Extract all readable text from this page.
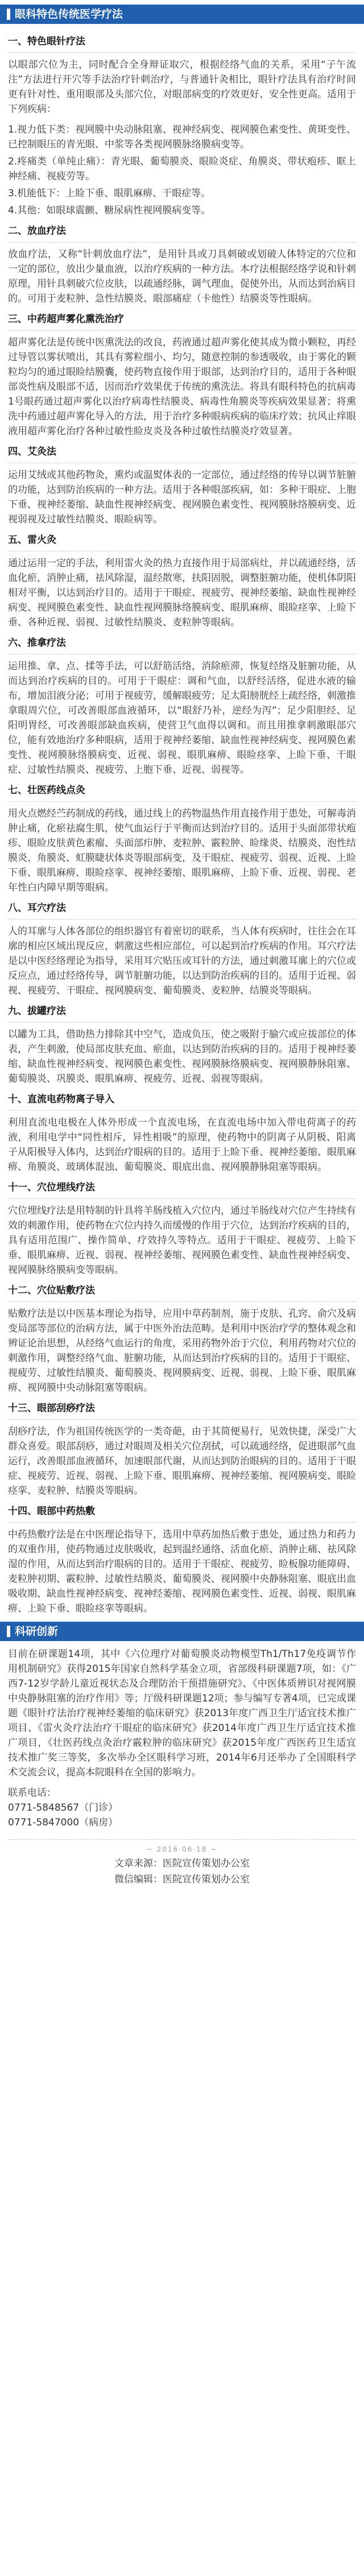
眼科特色传统医学疗法
一、特色眼针疗法

以眼部穴位为主，同时配合全身辩证取穴，根据经络气血的关系，采用“子午流注”方法进行开穴等手法治疗针刺治疗，与普通针灸相比，眼针疗法具有治疗时间更有针对性、重用眼部及头部穴位，对眼部病变的疗效更好、安全性更高。适用于下列疾病：

1.视力低下类：视网膜中央动脉阻塞、视神经病变、视网膜色素变性、黄斑变性、已控制眼压的青光眼、中浆等各类视网膜脉络膜病变等。
2.疼痛类（单纯止痛）：青光眼、葡萄膜炎、眼睑炎症、角膜炎、带状疱疹、眶上神经痛、视疲劳等。
3.机能低下：上睑下垂、眼肌麻痹、干眼症等。
4.其他：如眼球震颤、糖尿病性视网膜病变等。
二、放血疗法

放血疗法，又称“针刺放血疗法”，是用针具或刀具刺破或划破人体特定的穴位和一定的部位，放出少量血液，以治疗疾病的一种方法。本疗法根据经络学说和针刺原理，用针具刺破穴位皮肤，以疏通经脉，调气理血，促使外出，从而达到治病目的。可用于麦粒肿、急性结膜炎、眼部痛症（卡他性）结膜炎等性眼病。

三、中药超声雾化熏洗治疗

超声雾化法是传统中医熏洗法的改良，药液通过超声雾化使其成为微小颗粒，再经过导管以雾状喷出，其具有雾粒细小、均匀，随意控制的参透吸收，由于雾化的颗粒均匀的通过眼睑结膜囊，使药物直接作用于眼部，达到治疗目的，适用于各种眼部炎性病及眼部不适，因而治疗效果优于传统的熏洗法。将具有眼科特色的抗病毒1号眼药通过超声雾化以治疗病毒性结膜炎、病毒性角膜炎等疾病效果显著；将熏洗中药通过超声雾化导入的方法，用于治疗多种眼病疾病的临床疗效；抗风止痒眼液用超声雾化治疗各种过敏性睑皮炎及各种过敏性结膜炎疗效显著。

四、艾灸法

运用艾绒或其他药物灸，熏灼或温熨体表的一定部位，通过经络的传导以调节脏腑的功能，达到防治疾病的一种方法。适用于各种眼部疾病，如：多种干眼症、上胞下垂、视神经萎缩、缺血性视神经病变、视网膜色素变性、视网膜脉络膜病变、近视弱视及过敏性结膜炎、眼睑病等。

五、雷火灸

通过运用一定的手法，利用雷火灸的热力直接作用于局部病灶，并以疏通经络，活血化瘀，消肿止痛，祛风除湿，温经散寒，扶阳固脱，调整脏腑功能，使机体阴阳相对平衡，以达到治疗目的。适用于干眼症、视疲劳、视神经萎缩、缺血性视神经病变、视网膜色素变性、缺血性视网膜脉络膜病变、眼肌麻痹、眼睑痉挛、上睑下垂、各种近视、弱视、过敏性结膜炎、麦粒肿等眼病。

六、推拿疗法

运用推、拿、点、揉等手法，可以舒筋活络，消除瘀滞，恢复经络及脏腑功能，从而达到治疗疾病的目的。可用于干眼症：调和气血，以舒经活络，促进水液的输布，增加泪液分泌；可用于视疲劳，缓解眼疲劳；足太阳膀胱经上疏经络，刺激推拿眼周穴位，可改善眼部血液循环，以“眼舒乃补，逆经为泻”；足少阳胆经、足阳明胃经，可改善眼部缺血疾病，使营卫气血得以调和。而且用推拿刺激眼部穴位，能有效地治疗多种眼病，适用于视神经萎缩、缺血性视神经病变、视网膜色素变性、视网膜脉络膜病变、近视、弱视、眼肌麻痹、眼睑痉挛、上睑下垂、干眼症、过敏性结膜炎、视疲劳、上胞下垂、近视、弱视等。

七、壮医药线点灸

用火点燃经苎药制成的药线，通过线上的药物温热作用直接作用于患处，可解毒消肿止痛，化瘀祛腐生肌，使气血运行于平衡而达到治疗目的。适用于头面部带状疱疹、眼睑皮肤黄色素瘤、头面部疖肿、麦粒肿、霰粒肿、睑缘炎、结膜炎、泡性结膜炎、角膜炎、虹膜睫状体炎等眼部病变，及干眼症、视疲劳、弱视、近视、上睑下垂、眼肌麻痹、眼睑痉挛、视神经萎缩、眼肌麻痹、上睑下垂、近视、弱视、老年性白内障早期等眼病。

八、耳穴疗法

人的耳廓与人体各部位的组织器官有着密切的联系，当人体有疾病时，往往会在耳廓的相应区域出现反应，刺激这些相应部位，可以起到治疗疾病的作用。耳穴疗法是以中医经络理论为指导，采用耳穴贴压或耳针的方法，通过刺激耳廓上的穴位或反应点，通过经络传导，调节脏腑功能，以达到防治疾病的目的。适用于近视、弱视、视疲劳、干眼症、视网膜病变、葡萄膜炎、麦粒肿、结膜炎等眼病。

九、拔罐疗法

以罐为工具，借助热力排除其中空气，造成负压，使之吸附于腧穴或应拔部位的体表，产生刺激，使局部皮肤充血、瘀血，以达到防治疾病的目的。适用于视神经萎缩、缺血性视神经病变、视网膜色素变性、视网膜脉络膜病变、视网膜静脉阻塞、葡萄膜炎、巩膜炎、眼肌麻痹、视疲劳、近视、弱视等眼病。

十、直流电药物离子导入

利用直流电电极在人体外形成一个直流电场，在直流电场中加入带电荷离子的药液，利用电学中“同性相斥，异性相吸”的原理，使药物中的阴离子从阴极、阳离子从阳极导入体内，达到治疗眼病的目的。适用于上睑下垂、视神经萎缩、眼肌麻痹、角膜炎、玻璃体混浊、葡萄膜炎、眼底出血、视网膜静脉阻塞等眼病。

十一、穴位埋线疗法

穴位埋线疗法是用特制的针具将羊肠线植入穴位内，通过羊肠线对穴位产生持续有效的刺激作用，使药物在穴位内持久而缓慢的作用于穴位，达到治疗疾病的目的，具有适用范围广、操作简单、疗效持久等特点。适用于干眼症、视疲劳、上睑下垂、眼肌麻痹、近视、弱视、视神经萎缩、视网膜色素变性、缺血性视神经病变、视网膜脉络膜病变等眼病。

十二、穴位贴敷疗法

贴敷疗法是以中医基本理论为指导，应用中草药制剂，施于皮肤、孔窍、俞穴及病变局部等部位的治病方法，属于中医外治法范畴。是利用中医治疗学的整体观念和辨证论治思想，从经络气血运行的角度，采用药物外治于穴位，利用药物对穴位的刺激作用，调整经络气血、脏腑功能，从而达到治疗疾病的目的。适用于干眼症、视疲劳、过敏性结膜炎、葡萄膜炎、视网膜病变、近视、弱视、上睑下垂、眼肌麻痹、视网膜中央动脉阻塞等眼病。

十三、眼部刮痧疗法

刮痧疗法，作为祖国传统医学的一类奇葩，由于其简便易行，见效快捷，深受广大群众喜爱。眼部刮痧，通过对眼周及相关穴位刮拭，可以疏通经络，促进眼部气血运行，改善眼部血液循环，加速眼部代谢，从而达到防治眼病的目的。适用于干眼症、视疲劳、近视、弱视、上睑下垂、眼肌麻痹、视神经萎缩、视网膜病变、眼睑痉挛、麦粒肿、结膜炎等眼病。

十四、眼部中药热敷

中药热敷疗法是在中医理论指导下，选用中草药加热后敷于患处，通过热力和药力的双重作用，使药物通过皮肤吸收，起到温经通络、活血化瘀、消肿止痛、祛风除湿的作用，从而达到治疗眼病的目的。适用于干眼症、视疲劳、睑板腺功能障碍、麦粒肿初期、霰粒肿、过敏性结膜炎、葡萄膜炎、视网膜中央静脉阻塞、眼底出血吸收期、缺血性视神经病变、视神经萎缩、视网膜色素变性、近视、弱视、眼肌麻痹、上睑下垂、眼睑痉挛等眼病。

科研创新

目前在研课题14项，其中《六位理疗对葡萄膜炎动物模型Th1/Th17免疫调节作用机制研究》获得2015年国家自然科学基金立项，省部级科研课题7项，如：《广西7-12岁学龄儿童近视状态及合理防治干预措施研究》、《中医体质辨识对视网膜中央静脉阻塞的治疗作用》等；厅级科研课题12项；参与编写专著4项，已完成课题《眼针疗法治疗视神经萎缩的临床研究》获2013年度广西卫生厅适宜技术推广项目、《雷火灸疗法治疗干眼症的临床研究》获2014年度广西卫生厅适宜技术推广项目，《壮医药线点灸治疗霰粒肿的临床研究》获2015年度广西医药卫生适宜技术推广奖三等奖，多次举办全区眼科学习班，2014年6月还举办了全国眼科学术交流会议，提高本院眼科在全国的影响力。

联系电话：
0771-5848567（门诊）
0771-5847000（病房）
~ 2016·06·18 ~
文章来源：医院宣传策划办公室
微信编辑：医院宣传策划办公室
